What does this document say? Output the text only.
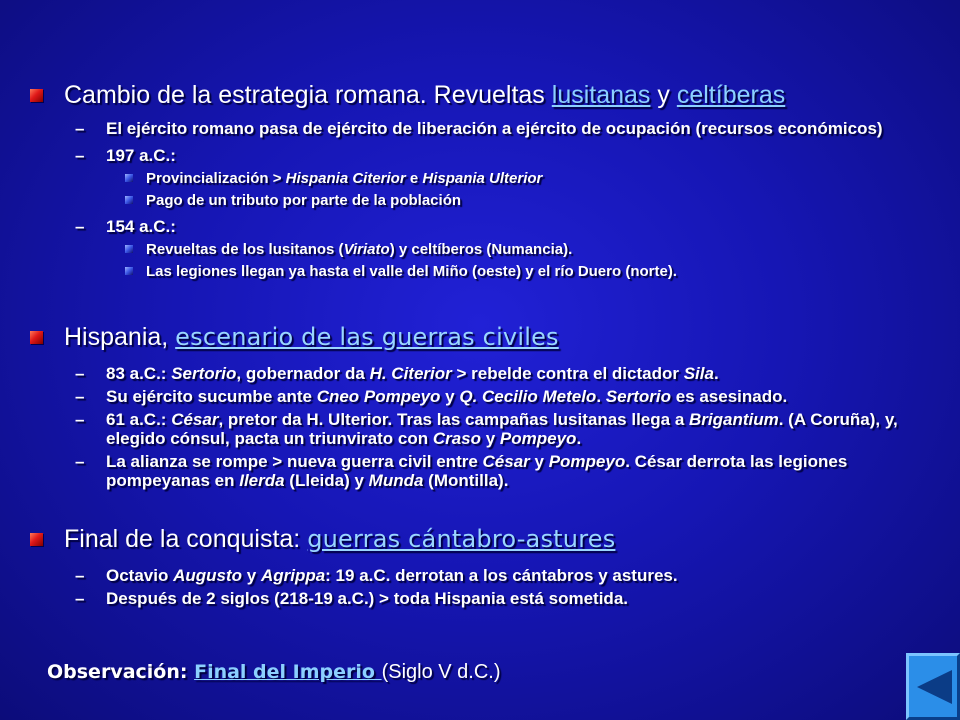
Cambio de la estrategia romana. Revueltas lusitanas y celtíberas
– El ejército romano pasa de ejército de liberación a ejército de ocupación (recursos económicos)
– 197 a.C.:
Provincialización > Hispania Citerior e Hispania Ulterior
Pago de un tributo por parte de la población
– 154 a.C.:
Revueltas de los lusitanos (Viriato) y celtíberos (Numancia).
Las legiones llegan ya hasta el valle del Miño (oeste) y el río Duero (norte).
Hispania, escenario de las guerras civiles
– 83 a.C.: Sertorio, gobernador da H. Citerior > rebelde contra el dictador Sila.
– Su ejército sucumbe ante Cneo Pompeyo y Q. Cecilio Metelo. Sertorio es asesinado.
– 61 a.C.: César, pretor da H. Ulterior. Tras las campañas lusitanas llega a Brigantium. (A Coruña), y, elegido cónsul, pacta un triunvirato con Craso y Pompeyo.
– La alianza se rompe > nueva guerra civil entre César y Pompeyo. César derrota las legiones pompeyanas en Ilerda (Lleida) y Munda (Montilla).
Final de la conquista: guerras cántabro-astures
– Octavio Augusto y Agrippa: 19 a.C. derrotan a los cántabros y astures.
– Después de 2 siglos (218-19 a.C.) > toda Hispania está sometida.
Observación: Final del Imperio (Siglo V d.C.)
